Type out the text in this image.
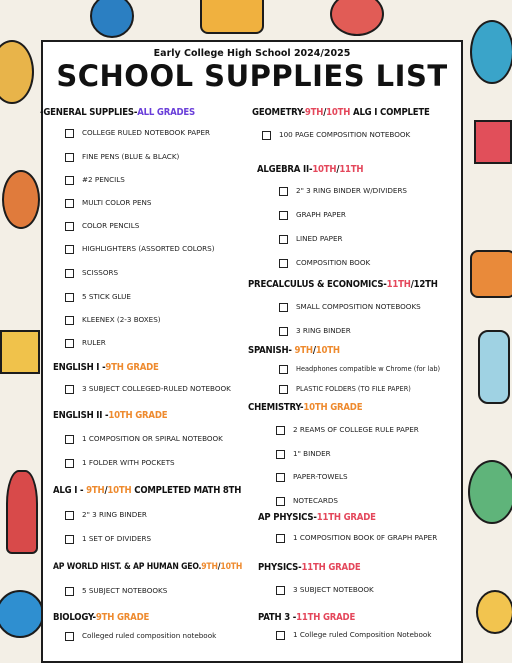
Early College High School 2024/2025
SCHOOL SUPPLIES LIST
-GENERAL SUPPLIES-ALL GRADES
COLLEGE RULED NOTEBOOK PAPER
FINE PENS (BLUE & BLACK)
#2 PENCILS
MULTI COLOR PENS
COLOR PENCILS
HIGHLIGHTERS (ASSORTED COLORS)
SCISSORS
5 STICK GLUE
KLEENEX (2-3 BOXES)
RULER
ENGLISH I -9TH GRADE
3 SUBJECT COLLEGED-RULED NOTEBOOK
ENGLISH II -10TH GRADE
1 COMPOSITION OR SPIRAL NOTEBOOK
1 FOLDER WITH POCKETS
ALG I - 9TH/10TH COMPLETED MATH 8TH
2" 3 RING BINDER
1 SET OF DIVIDERS
AP WORLD HIST. & AP HUMAN GEO.9TH/10TH
5 SUBJECT NOTEBOOKS
BIOLOGY-9TH GRADE
Colleged ruled composition notebook
GEOMETRY-9TH/10TH ALG I COMPLETE
100 PAGE COMPOSITION NOTEBOOK
ALGEBRA II-10TH/11TH
2" 3 RING BINDER W/DIVIDERS
GRAPH PAPER
LINED PAPER
COMPOSITION BOOK
PRECALCULUS & ECONOMICS-11TH/12TH
SMALL COMPOSITION NOTEBOOKS
3 RING BINDER
SPANISH- 9TH/10TH
Headphones compatible w Chrome (for lab)
PLASTIC FOLDERS (TO FILE PAPER)
CHEMISTRY-10TH GRADE
2 REAMS OF COLLEGE RULE PAPER
1" BINDER
PAPER-TOWELS
NOTECARDS
AP PHYSICS-11TH GRADE
1 COMPOSITION BOOK 0F GRAPH PAPER
PHYSICS-11TH GRADE
3 SUBJECT NOTEBOOK
PATH 3 -11TH GRADE
1 College ruled Composition Notebook
